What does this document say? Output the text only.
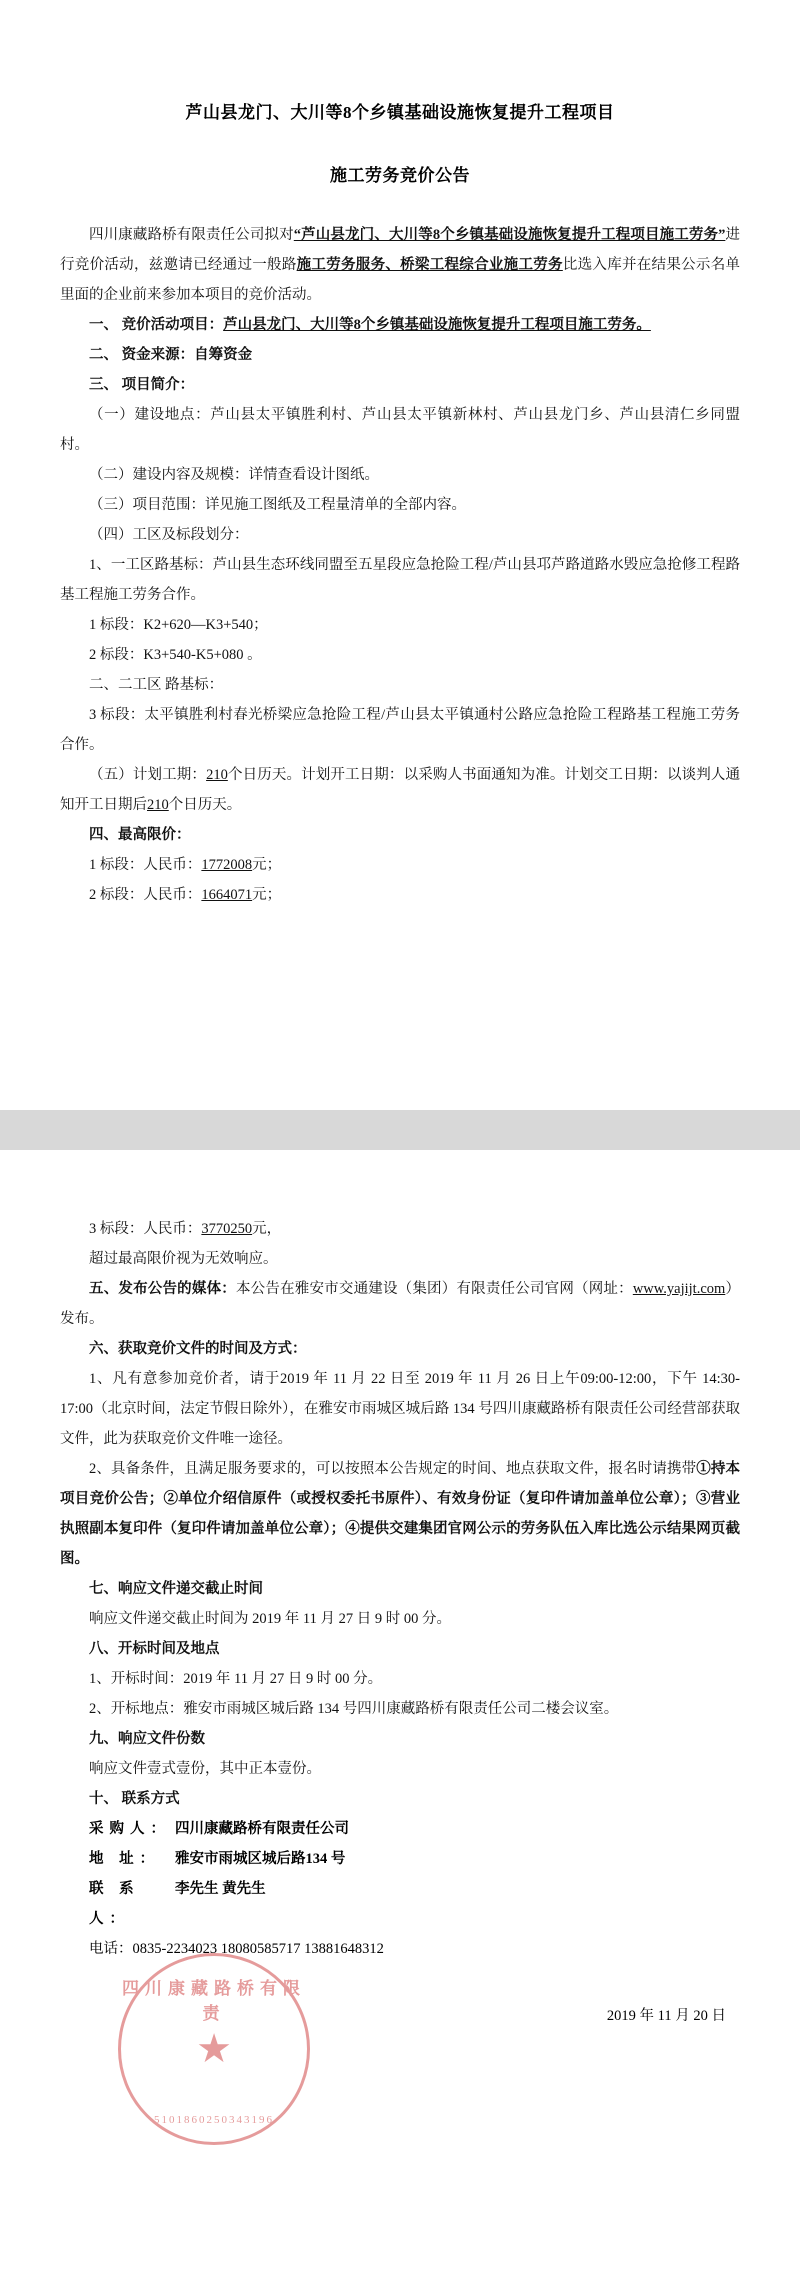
芦山县龙门、大川等8个乡镇基础设施恢复提升工程项目
施工劳务竞价公告

四川康藏路桥有限责任公司拟对“芦山县龙门、大川等8个乡镇基础设施恢复提升工程项目施工劳务”进行竞价活动，兹邀请已经通过一般路施工劳务服务、桥梁工程综合业施工劳务比选入库并在结果公示名单里面的企业前来参加本项目的竞价活动。

一、 竞价活动项目：芦山县龙门、大川等8个乡镇基础设施恢复提升工程项目施工劳务。

二、 资金来源：自筹资金

三、 项目简介：

（一）建设地点：芦山县太平镇胜利村、芦山县太平镇新林村、芦山县龙门乡、芦山县清仁乡同盟村。

（二）建设内容及规模：详情查看设计图纸。

（三）项目范围：详见施工图纸及工程量清单的全部内容。

（四）工区及标段划分：

1、一工区路基标：芦山县生态环线同盟至五星段应急抢险工程/芦山县邛芦路道路水毁应急抢修工程路基工程施工劳务合作。

1 标段：K2+620—K3+540；

2 标段：K3+540‐K5+080 。

二、二工区 路基标：

3 标段：太平镇胜利村春光桥梁应急抢险工程/芦山县太平镇通村公路应急抢险工程路基工程施工劳务合作。

（五）计划工期：210个日历天。计划开工日期：以采购人书面通知为准。计划交工日期：以谈判人通知开工日期后210个日历天。

四、最高限价：

1 标段：人民币：1772008元；

2 标段：人民币：1664071元；

3 标段：人民币：3770250元，

超过最高限价视为无效响应。

五、发布公告的媒体：本公告在雅安市交通建设（集团）有限责任公司官网（网址：www.yajijt.com）发布。

六、获取竞价文件的时间及方式：

1、凡有意参加竞价者，请于2019 年 11 月 22 日至 2019 年 11 月 26 日上午09:00-12:00，下午 14:30-17:00（北京时间，法定节假日除外），在雅安市雨城区城后路 134 号四川康藏路桥有限责任公司经营部获取文件，此为获取竞价文件唯一途径。

2、具备条件，且满足服务要求的，可以按照本公告规定的时间、地点获取文件，报名时请携带①持本项目竞价公告；②单位介绍信原件（或授权委托书原件）、有效身份证（复印件请加盖单位公章）；③营业执照副本复印件（复印件请加盖单位公章）；④提供交建集团官网公示的劳务队伍入库比选公示结果网页截图。

七、响应文件递交截止时间

响应文件递交截止时间为 2019 年 11 月 27 日 9 时 00 分。

八、开标时间及地点

1、开标时间：2019 年 11 月 27 日 9 时 00 分。

2、开标地点：雅安市雨城区城后路 134 号四川康藏路桥有限责任公司二楼会议室。

九、响应文件份数

响应文件壹式壹份，其中正本壹份。

十、 联系方式

采购人： 四川康藏路桥有限责任公司
地 址：	雅安市雨城区城后路134 号
联 系 人：
李先生 黄先生
电话：0835-2234023 18080585717 13881648312
四川康藏路桥有限责
★
5101860250343196
2019 年 11 月 20 日
